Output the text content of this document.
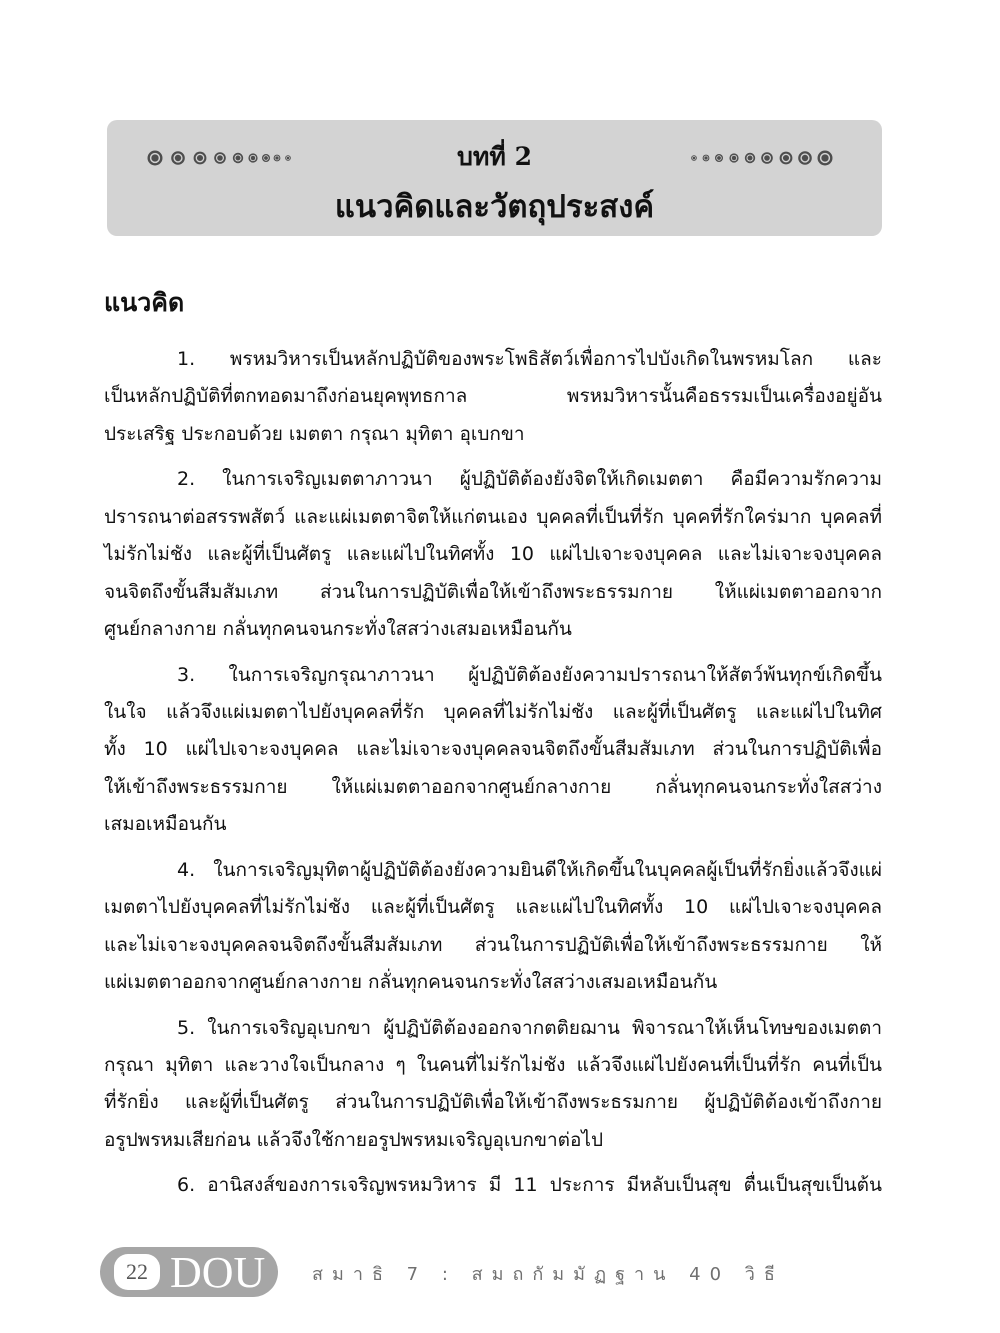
บทที่ 2
แนวคิดและวัตถุประสงค์
แนวคิด
1. พรหมวิหารเป็นหลักปฏิบัติของพระโพธิสัตว์เพื่อการไปบังเกิดในพรหมโลก และ
เป็นหลักปฏิบัติที่ตกทอดมาถึงก่อนยุคพุทธกาล พรหมวิหารนั้นคือธรรมเป็นเครื่องอยู่อัน
ประเสริฐ ประกอบด้วย เมตตา กรุณา มุทิตา อุเบกขา
2. ในการเจริญเมตตาภาวนา ผู้ปฏิบัติต้องยังจิตให้เกิดเมตตา คือมีความรักความ
ปรารถนาต่อสรรพสัตว์ และแผ่เมตตาจิตให้แก่ตนเอง บุคคลที่เป็นที่รัก บุคคที่รักใคร่มาก บุคคลที่
ไม่รักไม่ชัง และผู้ที่เป็นศัตรู และแผ่ไปในทิศทั้ง 10 แผ่ไปเจาะจงบุคคล และไม่เจาะจงบุคคล
จนจิตถึงขั้นสีมสัมเภท ส่วนในการปฏิบัติเพื่อให้เข้าถึงพระธรรมกาย ให้แผ่เมตตาออกจาก
ศูนย์กลางกาย กลั่นทุกคนจนกระทั่งใสสว่างเสมอเหมือนกัน
3. ในการเจริญกรุณาภาวนา ผู้ปฏิบัติต้องยังความปรารถนาให้สัตว์พ้นทุกข์เกิดขึ้น
ในใจ แล้วจึงแผ่เมตตาไปยังบุคคลที่รัก บุคคลที่ไม่รักไม่ชัง และผู้ที่เป็นศัตรู และแผ่ไปในทิศ
ทั้ง 10 แผ่ไปเจาะจงบุคคล และไม่เจาะจงบุคคลจนจิตถึงขั้นสีมสัมเภท ส่วนในการปฏิบัติเพื่อ
ให้เข้าถึงพระธรรมกาย ให้แผ่เมตตาออกจากศูนย์กลางกาย กลั่นทุกคนจนกระทั่งใสสว่าง
เสมอเหมือนกัน
4. ในการเจริญมุทิตาผู้ปฏิบัติต้องยังความยินดีให้เกิดขึ้นในบุคคลผู้เป็นที่รักยิ่งแล้วจึงแผ่
เมตตาไปยังบุคคลที่ไม่รักไม่ชัง และผู้ที่เป็นศัตรู และแผ่ไปในทิศทั้ง 10 แผ่ไปเจาะจงบุคคล
และไม่เจาะจงบุคคลจนจิตถึงขั้นสีมสัมเภท ส่วนในการปฏิบัติเพื่อให้เข้าถึงพระธรรมกาย ให้
แผ่เมตตาออกจากศูนย์กลางกาย กลั่นทุกคนจนกระทั่งใสสว่างเสมอเหมือนกัน
5. ในการเจริญอุเบกขา ผู้ปฏิบัติต้องออกจากตติยฌาน พิจารณาให้เห็นโทษของเมตตา
กรุณา มุทิตา และวางใจเป็นกลาง ๆ ในคนที่ไม่รักไม่ชัง แล้วจึงแผ่ไปยังคนที่เป็นที่รัก คนที่เป็น
ที่รักยิ่ง และผู้ที่เป็นศัตรู ส่วนในการปฏิบัติเพื่อให้เข้าถึงพระธรมกาย ผู้ปฏิบัติต้องเข้าถึงกาย
อรูปพรหมเสียก่อน แล้วจึงใช้กายอรูปพรหมเจริญอุเบกขาต่อไป
6. อานิสงส์ของการเจริญพรหมวิหาร มี 11 ประการ มีหลับเป็นสุข ตื่นเป็นสุขเป็นต้น
22 DOU	สมาธิ 7 : สมถกัมมัฏฐาน 40 วิธี
